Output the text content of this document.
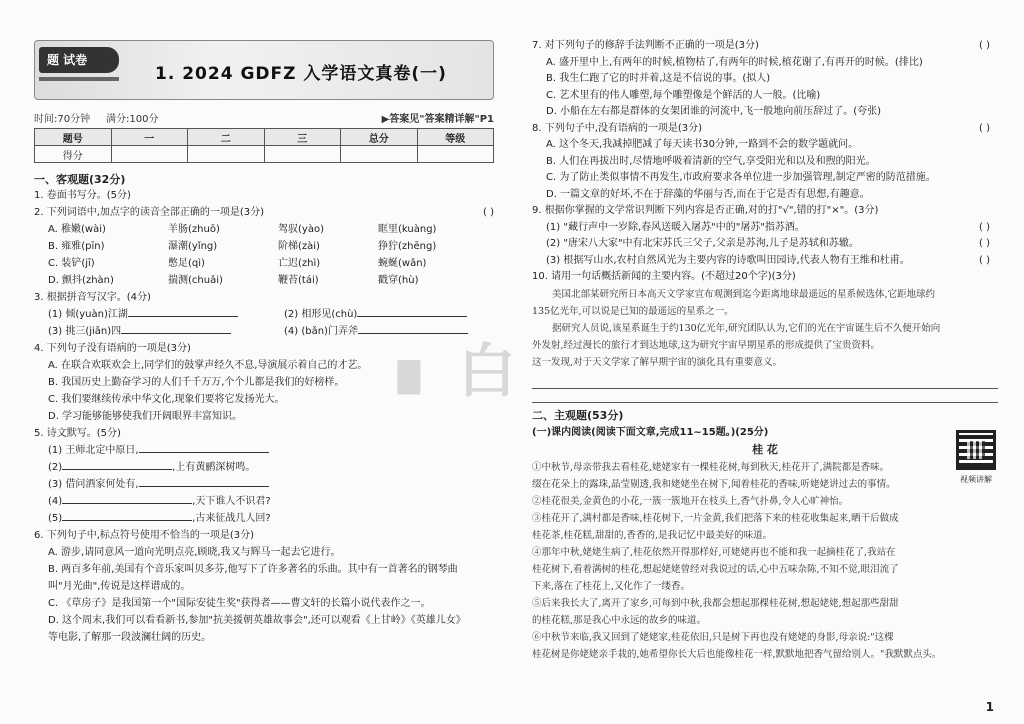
题 试卷
1. 2024 GDFZ 入学语文真卷(一)
时间:70分钟 满分:100分	▶答案见"答案精详解"P1
题号	一	二	三	总分	等级
得分					
一、客观题(32分)
1. 卷面书写分。(5分)
2. 下列词语中,加点字的读音全部正确的一项是(3分)	( )
A. 稚嫩(wài)	羊肠(zhuō)	驾驭(yào)	眶里(kuàng)
B. 雍雅(pīn)	瀑潮(yǐng)	阶梯(zài)	狰狞(zhēng)
C. 装铲(jī)	憋足(qì)	亡迟(zhì)	蜿蜒(wǎn)
D. 颤抖(zhàn)	揣测(chuǎi)	鞭苔(tái)	戳穿(hù)
3. 根据拼音写汉字。(4分)
(1) 倾(yuàn)江湖	(2) 相形见(chù)
(3) 挑三(jiǎn)四	(4) (bǎn)门弄斧
4. 下列句子没有语病的一项是(3分)
A. 在联合欢联欢会上,同学们的鼓掌声经久不息,导演展示着自己的才艺。
B. 我国历史上勤奋学习的人们千千万万,个个儿都是我们的好榜样。
C. 我们要继续传承中华文化,现象们要将它发扬光大。
D. 学习能够能够使我们开阔眼界丰富知识。
5. 诗文默写。(5分)
(1) 王师北定中原日,
(2)	,上有黄鹂深树鸣。
(3) 借问酒家何处有,
(4)	,天下谁人不识君?
(5)	,古来征战几人回?
6. 下列句子中,标点符号使用不恰当的一项是(3分)
A. 游步,请同意风一道向光明点亮,顾晓,我又与辉马一起去它进行。
B. 两百多年前,美国有个音乐家叫贝多芬,他写下了许多著名的乐曲。其中有一首著名的钢琴曲
叫"月光曲",传说是这样谱成的。
C. 《草房子》是我国第一个"国际安徒生奖"获得者——曹文轩的长篇小说代表作之一。
D. 这个周末,我们可以看看新书,参加"抗美援朝英雄故事会",还可以观看《上甘岭》《英雄儿女》
等电影,了解那一段波澜壮阔的历史。
7. 对下列句子的修辞手法判断不正确的一项是(3分)	( )
A. 盛开里中上,有两年的时候,植物枯了,有两年的时候,植花谢了,有再开的时候。(排比)
B. 我生仁跑了它的时并着,这是不信说的事。(拟人)
C. 艺术里有的伟人雕塑,每个雕塑像是个鲜活的人一般。(比喻)
D. 小船在左右都是群体的女架团谁的河流中,飞一般地向前压辞过了。(夸张)
8. 下列句子中,没有语病的一项是(3分)	( )
A. 这个冬天,我减掉肥减了每天读书30分钟,一路到不会的数学题就问。
B. 人们在再拔出时,尽情地呼吸着清新的空气,享受阳光和以及和煦的阳光。
C. 为了防止类似事情不再发生,市政府要求各单位进一步加强管理,制定严密的防范措施。
D. 一篇文章的好坏,不在于辞藻的华丽与否,而在于它是否有思想,有趣意。
9. 根据你掌握的文学常识判断下列内容是否正确,对的打"√",错的打"×"。(3分)
(1) "藏行声中一岁除,春风送暖入屠苏"中的"屠苏"指苏酒。	( )
(2) "唐宋八大家"中有北宋苏氏三父子,父亲是苏洵,儿子是苏轼和苏辙。	( )
(3) 根据写山水,农村自然风光为主要内容的诗歌叫田园诗,代表人物有王维和杜甫。	( )
10. 请用一句话概括新闻的主要内容。(不超过20个字)(3分)

美国北部某研究所日本高天文学家宣布观测到迄今距离地球最遥远的星系候选体,它距地球约

135亿光年,可以说是已知的最遥远的星系之一。

据研究人员说,该星系诞生于约130亿光年,研究团队认为,它们的光在宇宙诞生后不久便开始向

外发射,经过漫长的旅行才到达地球,这为研究宇宙早期星系的形成提供了宝贵资料。

这一发现,对于天文学家了解早期宇宙的演化具有重要意义。

二、主观题(53分)
(一)课内阅读(阅读下面文章,完成11~15题。)(25分)
桂 花

①中秋节,母亲带我去看桂花,姥姥家有一棵桂花树,每到秋天,桂花开了,满院都是香味。

缀在花朵上的露珠,晶莹剔透,我和姥姥坐在树下,闻着桂花的香味,听姥姥讲过去的事情。

②桂花很美,金黄色的小花,一簇一簇地开在枝头上,香气扑鼻,令人心旷神怡。

③桂花开了,满村都是香味,桂花树下,一片金黄,我们把落下来的桂花收集起来,晒干后做成

桂花茶,桂花糕,甜甜的,香香的,是我记忆中最美好的味道。

④那年中秋,姥姥生病了,桂花依然开得那样好,可姥姥再也不能和我一起摘桂花了,我站在

桂花树下,看着满树的桂花,想起姥姥曾经对我说过的话,心中五味杂陈,不知不觉,眼泪流了

下来,落在了桂花上,又化作了一缕香。

⑤后来我长大了,离开了家乡,可每到中秋,我都会想起那棵桂花树,想起姥姥,想起那些甜甜

的桂花糕,那是我心中永远的故乡的味道。

⑥中秋节来临,我又回到了姥姥家,桂花依旧,只是树下再也没有姥姥的身影,母亲说:"这棵

桂花树是你姥姥亲手栽的,她希望你长大后也能像桂花一样,默默地把香气留给别人。"我默默点头。

视频讲解
▖ 白
1
